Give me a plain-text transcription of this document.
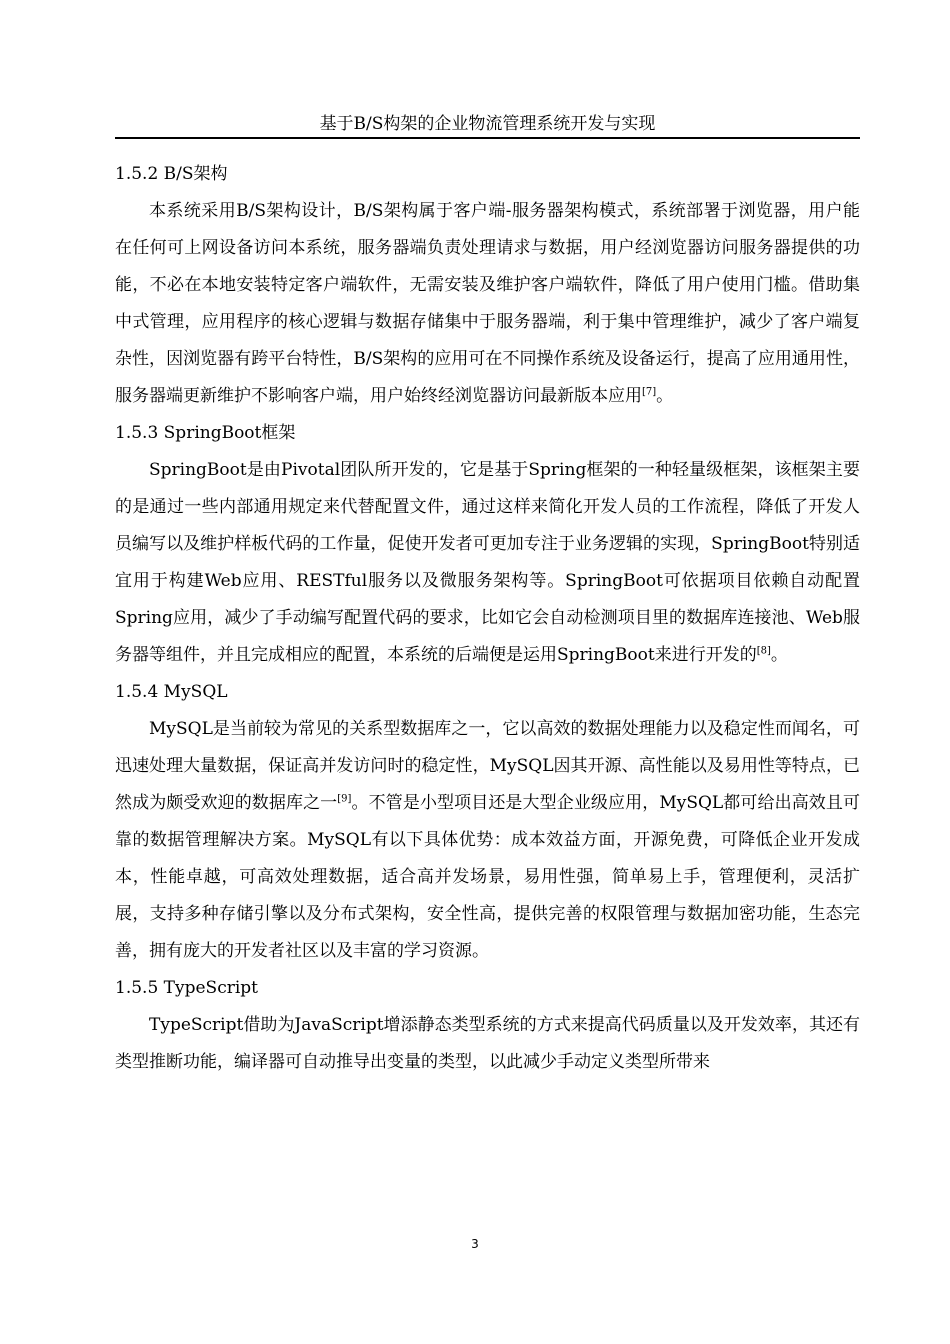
基于B/S构架的企业物流管理系统开发与实现
1.5.2 B/S架构

本系统采用B/S架构设计，B/S架构属于客户端-服务器架构模式，系统部署于浏览器，用户能在任何可上网设备访问本系统，服务器端负责处理请求与数据，用户经浏览器访问服务器提供的功能，不必在本地安装特定客户端软件，无需安装及维护客户端软件，降低了用户使用门槛。借助集中式管理，应用程序的核心逻辑与数据存储集中于服务器端，利于集中管理维护，减少了客户端复杂性，因浏览器有跨平台特性，B/S架构的应用可在不同操作系统及设备运行，提高了应用通用性，服务器端更新维护不影响客户端，用户始终经浏览器访问最新版本应用[7]。

1.5.3 SpringBoot框架

SpringBoot是由Pivotal团队所开发的，它是基于Spring框架的一种轻量级框架，该框架主要的是通过一些内部通用规定来代替配置文件，通过这样来简化开发人员的工作流程，降低了开发人员编写以及维护样板代码的工作量，促使开发者可更加专注于业务逻辑的实现，SpringBoot特别适宜用于构建Web应用、RESTful服务以及微服务架构等。SpringBoot可依据项目依赖自动配置Spring应用，减少了手动编写配置代码的要求，比如它会自动检测项目里的数据库连接池、Web服务器等组件，并且完成相应的配置，本系统的后端便是运用SpringBoot来进行开发的[8]。

1.5.4 MySQL

MySQL是当前较为常见的关系型数据库之一，它以高效的数据处理能力以及稳定性而闻名，可迅速处理大量数据，保证高并发访问时的稳定性，MySQL因其开源、高性能以及易用性等特点，已然成为颇受欢迎的数据库之一[9]。不管是小型项目还是大型企业级应用，MySQL都可给出高效且可靠的数据管理解决方案。MySQL有以下具体优势：成本效益方面，开源免费，可降低企业开发成本，性能卓越，可高效处理数据，适合高并发场景，易用性强，简单易上手，管理便利，灵活扩展，支持多种存储引擎以及分布式架构，安全性高，提供完善的权限管理与数据加密功能，生态完善，拥有庞大的开发者社区以及丰富的学习资源。

1.5.5 TypeScript

TypeScript借助为JavaScript增添静态类型系统的方式来提高代码质量以及开发效率，其还有类型推断功能，编译器可自动推导出变量的类型，以此减少手动定义类型所带来

3
